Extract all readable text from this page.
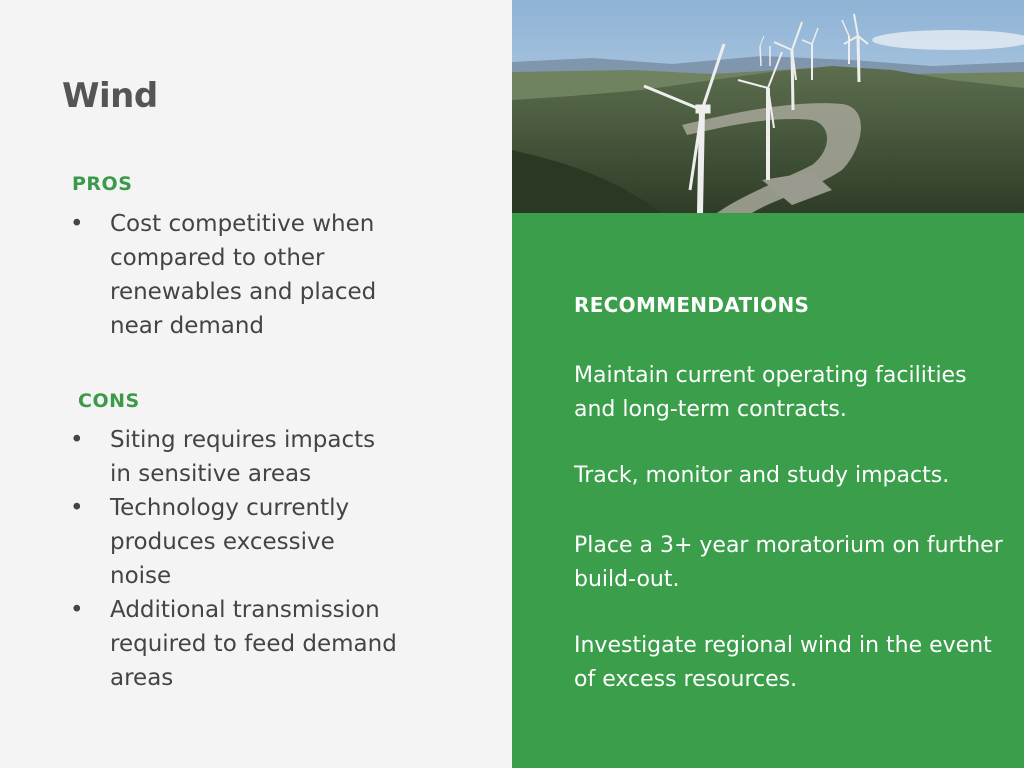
Wind
PROS
• Cost competitive when compared to other renewables and placed near demand
CONS
• Siting requires impacts in sensitive areas
• Technology currently produces excessive noise
• Additional transmission required to feed demand areas
RECOMMENDATIONS

Maintain current operating facilities and long-term contracts.

Track, monitor and study impacts.

Place a 3+ year moratorium on further build-out.

Investigate regional wind in the event of excess resources.
